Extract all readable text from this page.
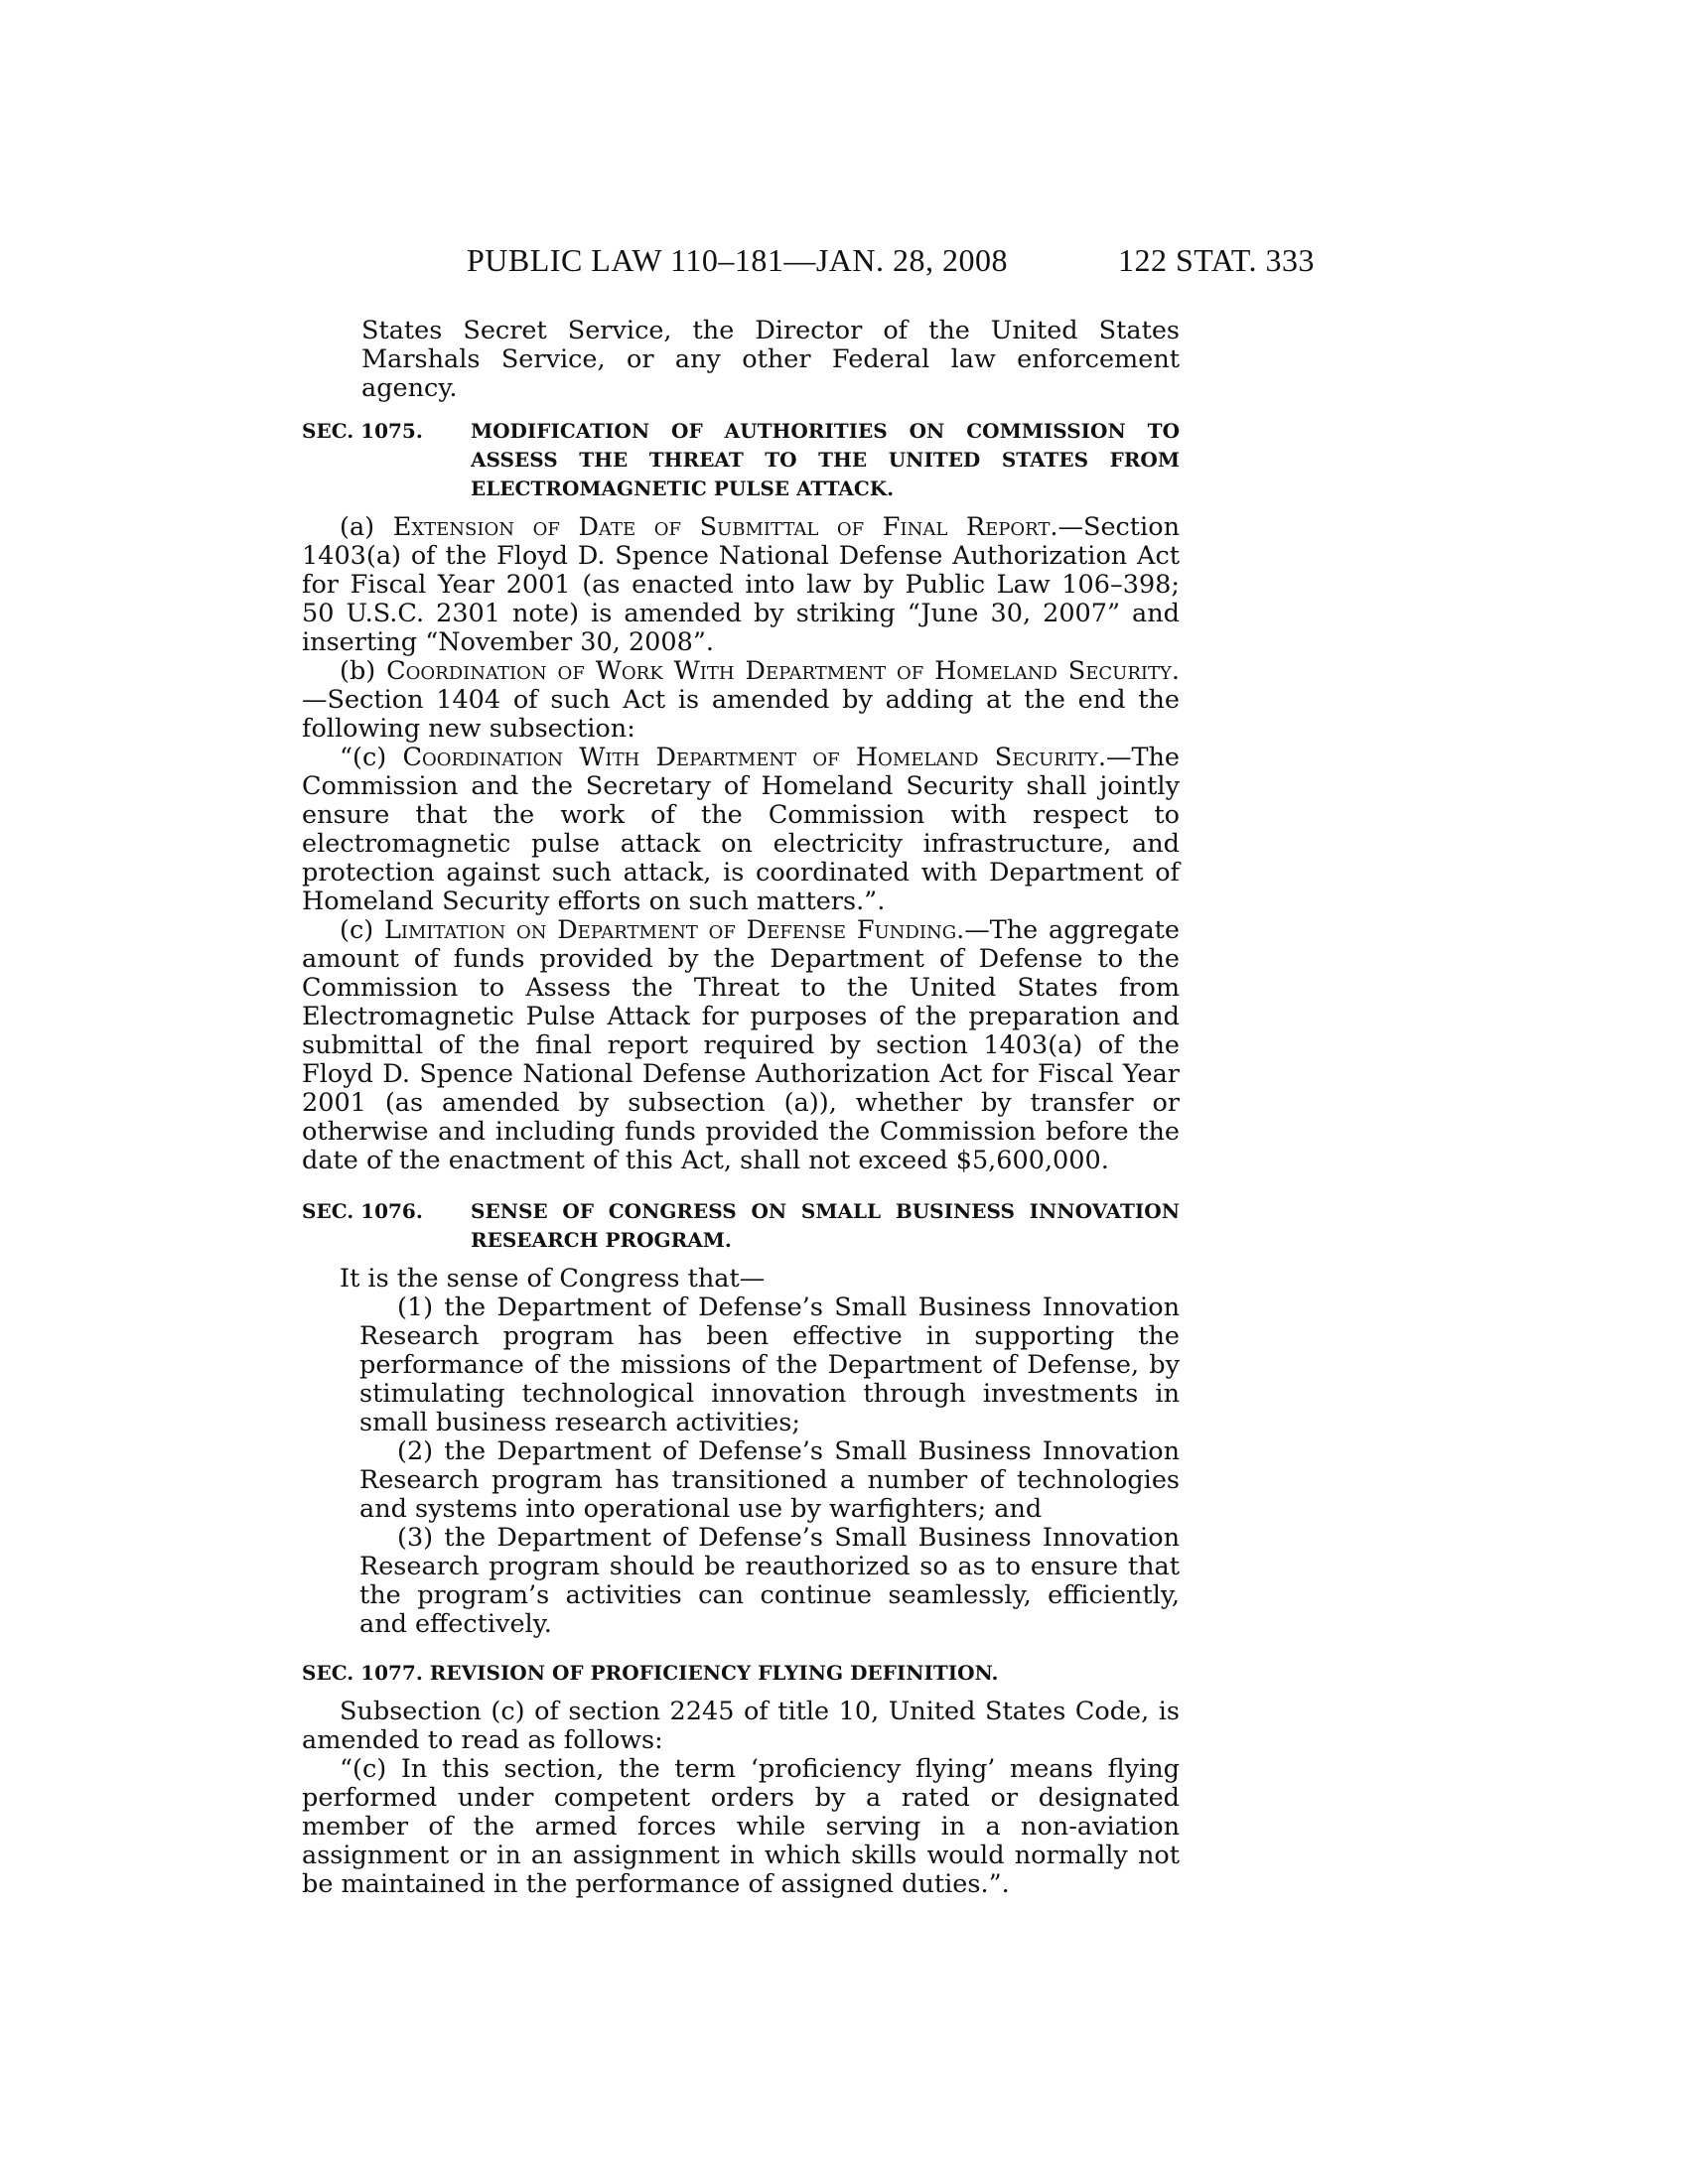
PUBLIC LAW 110–181—JAN. 28, 2008	122 STAT. 333

States Secret Service, the Director of the United States Marshals Service, or any other Federal law enforcement agency.

SEC. 1075.	MODIFICATION OF AUTHORITIES ON COMMISSION TO ASSESS THE THREAT TO THE UNITED STATES FROM ELECTROMAGNETIC PULSE ATTACK.

(a) Extension of Date of Submittal of Final Report.—Section 1403(a) of the Floyd D. Spence National Defense Authorization Act for Fiscal Year 2001 (as enacted into law by Public Law 106–398; 50 U.S.C. 2301 note) is amended by striking “June 30, 2007” and inserting “November 30, 2008”.

(b) Coordination of Work With Department of Homeland Security.—Section 1404 of such Act is amended by adding at the end the following new subsection:

“(c) Coordination With Department of Homeland Security.—The Commission and the Secretary of Homeland Security shall jointly ensure that the work of the Commission with respect to electromagnetic pulse attack on electricity infrastructure, and protection against such attack, is coordinated with Department of Homeland Security efforts on such matters.”.

(c) Limitation on Department of Defense Funding.—The aggregate amount of funds provided by the Department of Defense to the Commission to Assess the Threat to the United States from Electromagnetic Pulse Attack for purposes of the preparation and submittal of the final report required by section 1403(a) of the Floyd D. Spence National Defense Authorization Act for Fiscal Year 2001 (as amended by subsection (a)), whether by transfer or otherwise and including funds provided the Commission before the date of the enactment of this Act, shall not exceed $5,600,000.

SEC. 1076.	SENSE OF CONGRESS ON SMALL BUSINESS INNOVATION RESEARCH PROGRAM.

It is the sense of Congress that—

(1) the Department of Defense’s Small Business Innovation Research program has been effective in supporting the performance of the missions of the Department of Defense, by stimulating technological innovation through investments in small business research activities;

(2) the Department of Defense’s Small Business Innovation Research program has transitioned a number of technologies and systems into operational use by warfighters; and

(3) the Department of Defense’s Small Business Innovation Research program should be reauthorized so as to ensure that the program’s activities can continue seamlessly, efficiently, and effectively.

SEC. 1077. REVISION OF PROFICIENCY FLYING DEFINITION.

Subsection (c) of section 2245 of title 10, United States Code, is amended to read as follows:

“(c) In this section, the term ‘proficiency flying’ means flying performed under competent orders by a rated or designated member of the armed forces while serving in a non-aviation assignment or in an assignment in which skills would normally not be maintained in the performance of assigned duties.”.
